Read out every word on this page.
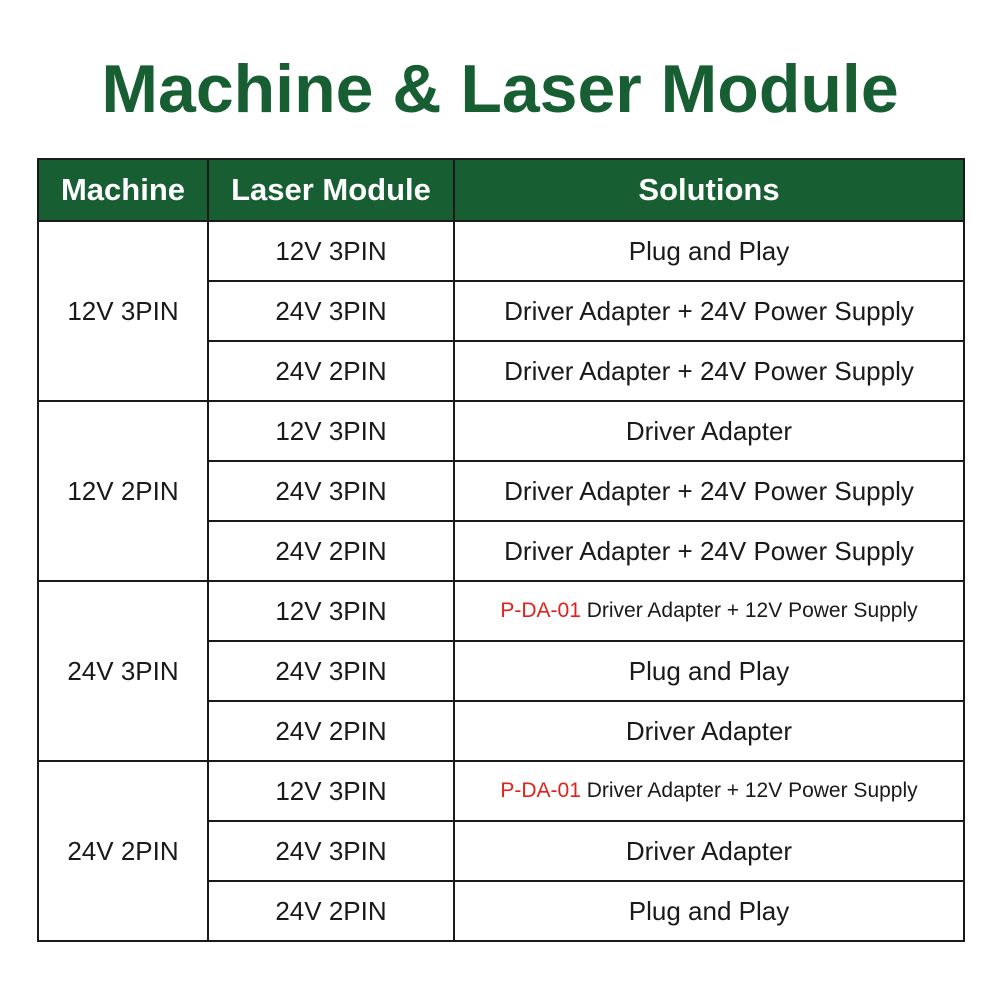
Machine & Laser Module
Machine	Laser Module	Solutions
12V 3PIN	12V 3PIN	Plug and Play
	24V 3PIN	Driver Adapter + 24V Power Supply
	24V 2PIN	Driver Adapter + 24V Power Supply
12V 2PIN	12V 3PIN	Driver Adapter
	24V 3PIN	Driver Adapter + 24V Power Supply
	24V 2PIN	Driver Adapter + 24V Power Supply
24V 3PIN	12V 3PIN	P-DA-01 Driver Adapter + 12V Power Supply
	24V 3PIN	Plug and Play
	24V 2PIN	Driver Adapter
24V 2PIN	12V 3PIN	P-DA-01 Driver Adapter + 12V Power Supply
	24V 3PIN	Driver Adapter
	24V 2PIN	Plug and Play
